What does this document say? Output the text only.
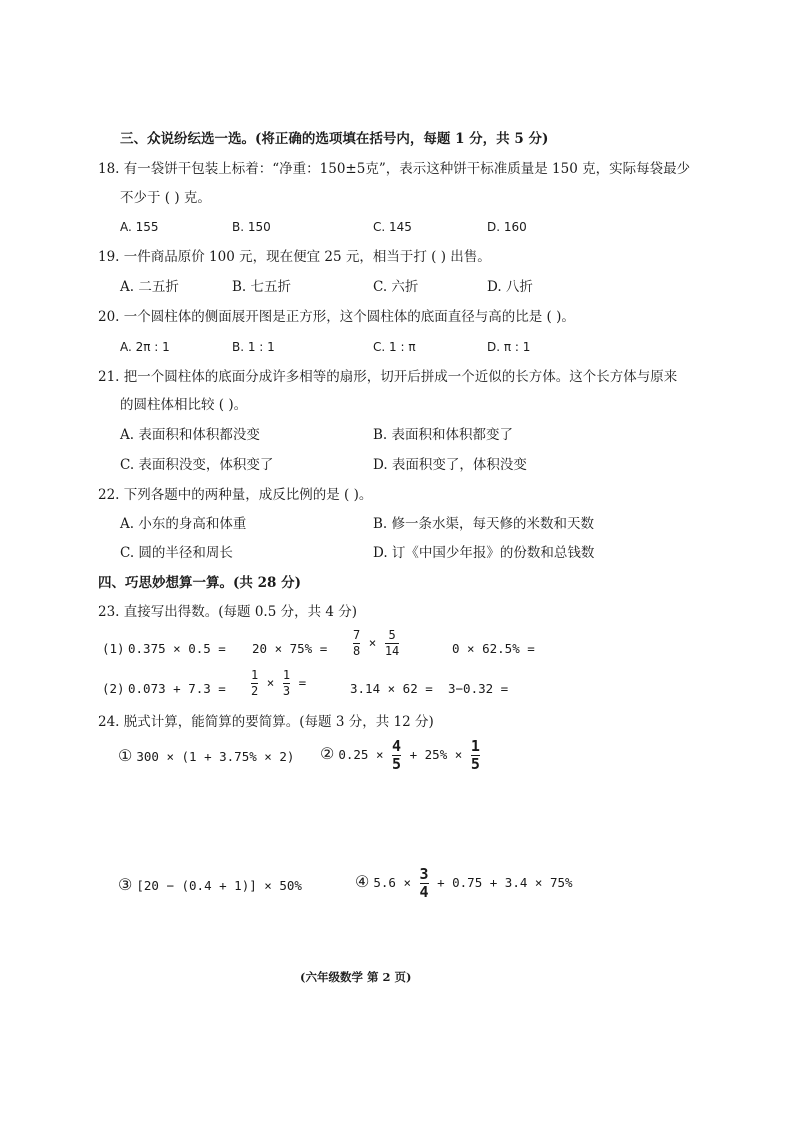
三、众说纷纭选一选。(将正确的选项填在括号内，每题 1 分，共 5 分)
18. 有一袋饼干包装上标着：“净重：150±5克”，表示这种饼干标准质量是 150 克，实际每袋最少
不少于 ( ) 克。
A. 155	B. 150	C. 145	D. 160
19. 一件商品原价 100 元，现在便宜 25 元，相当于打 ( ) 出售。
A. 二五折	B. 七五折	C. 六折	D. 八折
20. 一个圆柱体的侧面展开图是正方形，这个圆柱体的底面直径与高的比是 ( )。
A. 2π : 1	B. 1 : 1	C. 1 : π	D. π : 1
21. 把一个圆柱体的底面分成许多相等的扇形，切开后拼成一个近似的长方体。这个长方体与原来
的圆柱体相比较 ( )。
A. 表面积和体积都没变	B. 表面积和体积都变了
C. 表面积没变，体积变了	D. 表面积变了，体积没变
22. 下列各题中的两种量，成反比例的是 ( )。
A. 小东的身高和体重	B. 修一条水渠，每天修的米数和天数
C. 圆的半径和周长	D. 订《中国少年报》的份数和总钱数
四、巧思妙想算一算。(共 28 分)
23. 直接写出得数。(每题 0.5 分，共 4 分)
(1) $0.375 \times 0.5 = 20 \times 75\% = \frac{7}{8} \times \frac{5}{14}$	0 × 62.5% =
(2) $0.073 + 7.3 = \frac{1}{2} \times \frac{1}{3}$ =	3.14 × 62 = 3−0.32 =
24. 脱式计算，能简算的要简算。(每题 3 分，共 12 分)
① 300 × (1 + 3.75% × 2) ② $0.25 \times \frac{4}{5} + 25\% \times \frac{1}{5}$
③ [20 − (0.4 + 1)] × 50%	④ $5.6 \times \frac{3}{4} + 0.75 + 3.4 \times 75\%$
(六年级数学 第 2 页)
